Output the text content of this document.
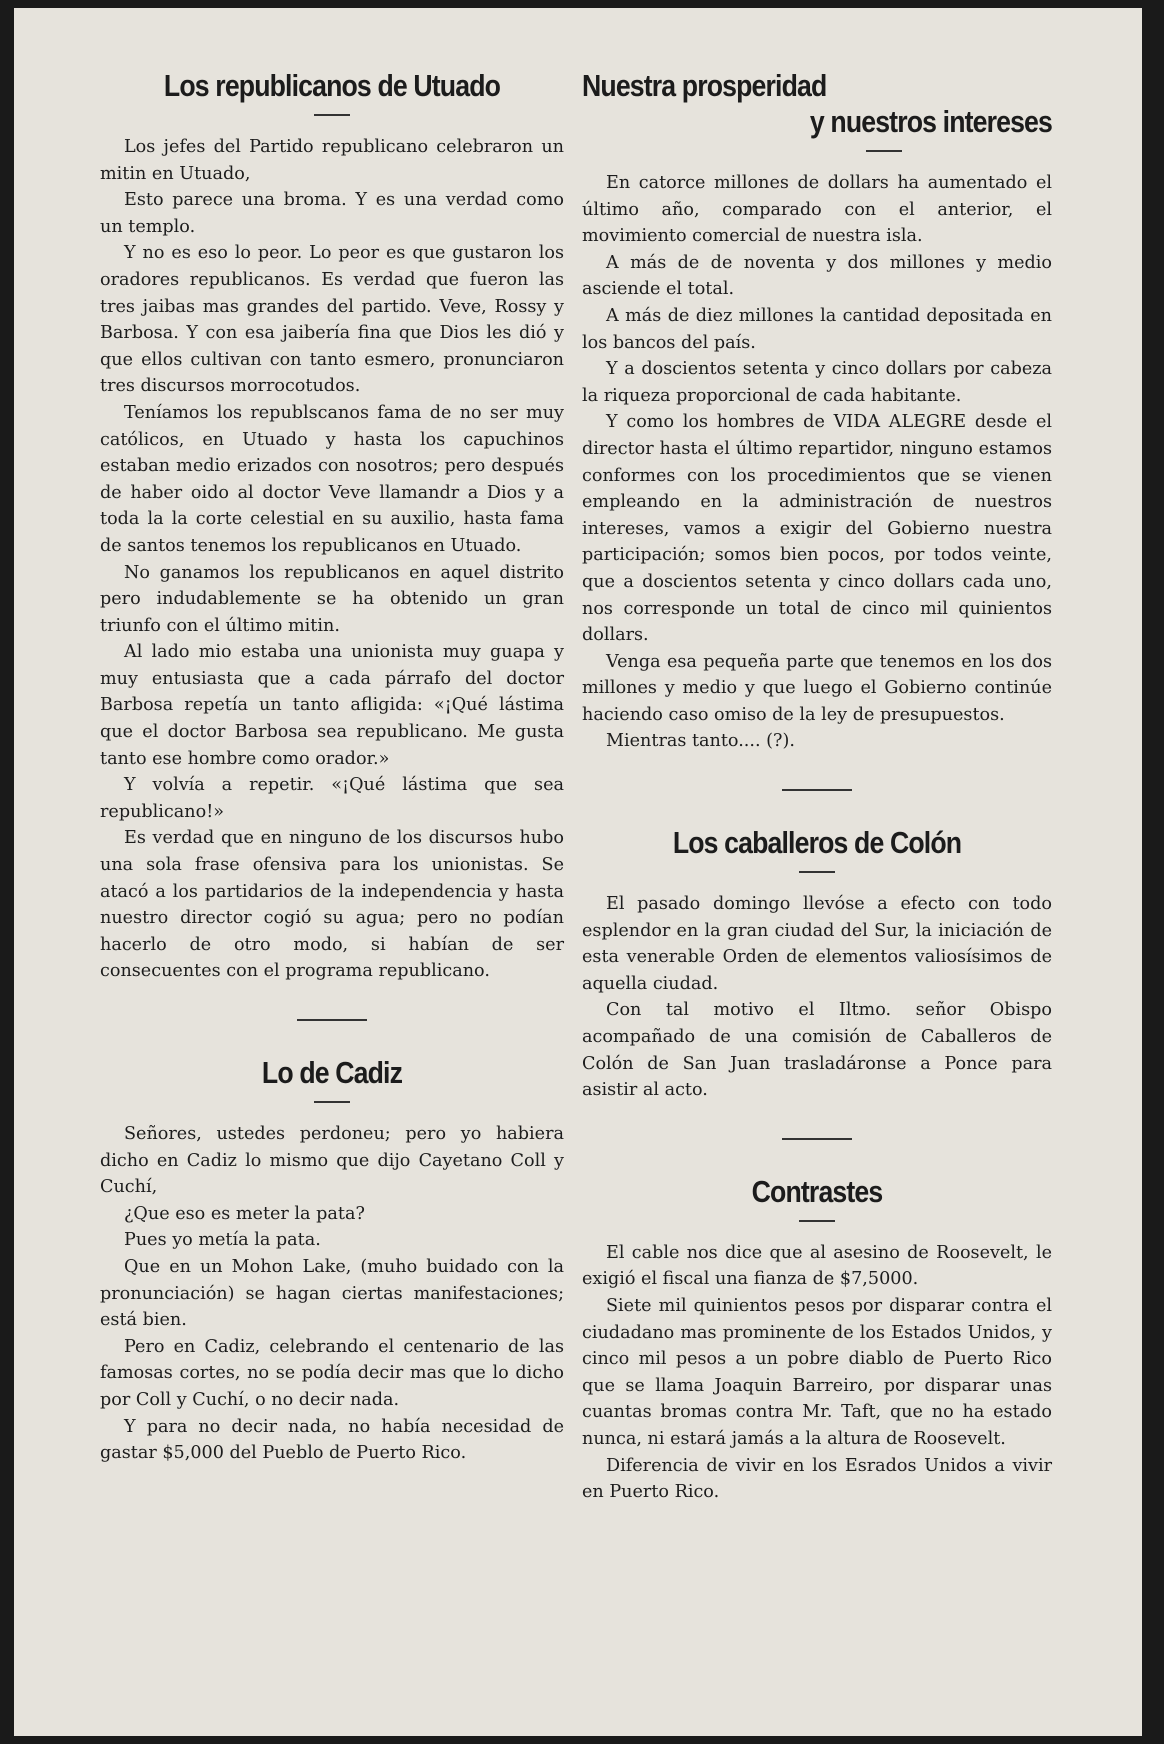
Los republicanos de Utuado

Los jefes del Partido republicano celebraron un mitin en Utuado,

Esto parece una broma. Y es una verdad como un templo.

Y no es eso lo peor. Lo peor es que gustaron los oradores republicanos. Es verdad que fueron las tres jaibas mas grandes del partido. Veve, Rossy y Barbosa. Y con esa jaibería fina que Dios les dió y que ellos cultivan con tanto esmero, pronunciaron tres discursos morrocotudos.

Teníamos los republscanos fama de no ser muy católicos, en Utuado y hasta los capuchinos estaban medio erizados con nosotros; pero después de haber oido al doctor Veve llamandr a Dios y a toda la la corte celestial en su auxilio, hasta fama de santos tenemos los republicanos en Utuado.

No ganamos los republicanos en aquel distrito pero indudablemente se ha obtenido un gran triunfo con el último mitin.

Al lado mio estaba una unionista muy guapa y muy entusiasta que a cada párrafo del doctor Barbosa repetía un tanto afligida: «¡Qué lástima que el doctor Barbosa sea republicano. Me gusta tanto ese hombre como orador.»

Y volvía a repetir. «¡Qué lástima que sea republicano!»

Es verdad que en ninguno de los discursos hubo una sola frase ofensiva para los unionistas. Se atacó a los partidarios de la independencia y hasta nuestro director cogió su agua; pero no podían hacerlo de otro modo, si habían de ser consecuentes con el programa republicano.

Lo de Cadiz

Señores, ustedes perdoneu; pero yo habiera dicho en Cadiz lo mismo que dijo Cayetano Coll y Cuchí,

¿Que eso es meter la pata?

Pues yo metía la pata.

Que en un Mohon Lake, (muho buidado con la pronunciación) se hagan ciertas manifestaciones; está bien.

Pero en Cadiz, celebrando el centenario de las famosas cortes, no se podía decir mas que lo dicho por Coll y Cuchí, o no decir nada.

Y para no decir nada, no había necesidad de gastar $5,000 del Pueblo de Puerto Rico.

Nuestra prosperidad
y nuestros intereses

En catorce millones de dollars ha aumentado el último año, comparado con el anterior, el movimiento comercial de nuestra isla.

A más de de noventa y dos millones y medio asciende el total.

A más de diez millones la cantidad depositada en los bancos del país.

Y a doscientos setenta y cinco dollars por cabeza la riqueza proporcional de cada habitante.

Y como los hombres de VIDA ALEGRE desde el director hasta el último repartidor, ninguno estamos conformes con los procedimientos que se vienen empleando en la administración de nuestros intereses, vamos a exigir del Gobierno nuestra participación; somos bien pocos, por todos veinte, que a doscientos setenta y cinco dollars cada uno, nos corresponde un total de cinco mil quinientos dollars.

Venga esa pequeña parte que tenemos en los dos millones y medio y que luego el Gobierno continúe haciendo caso omiso de la ley de presupuestos.

Mientras tanto.... (?).

Los caballeros de Colón

El pasado domingo llevóse a efecto con todo esplendor en la gran ciudad del Sur, la iniciación de esta venerable Orden de elementos valiosísimos de aquella ciudad.

Con tal motivo el Iltmo. señor Obispo acompañado de una comisión de Caballeros de Colón de San Juan trasladáronse a Ponce para asistir al acto.

Contrastes

El cable nos dice que al asesino de Roosevelt, le exigió el fiscal una fianza de $7,5000.

Siete mil quinientos pesos por disparar contra el ciudadano mas prominente de los Estados Unidos, y cinco mil pesos a un pobre diablo de Puerto Rico que se llama Joaquin Barreiro, por disparar unas cuantas bromas contra Mr. Taft, que no ha estado nunca, ni estará jamás a la altura de Roosevelt.

Diferencia de vivir en los Esrados Unidos a vivir en Puerto Rico.
